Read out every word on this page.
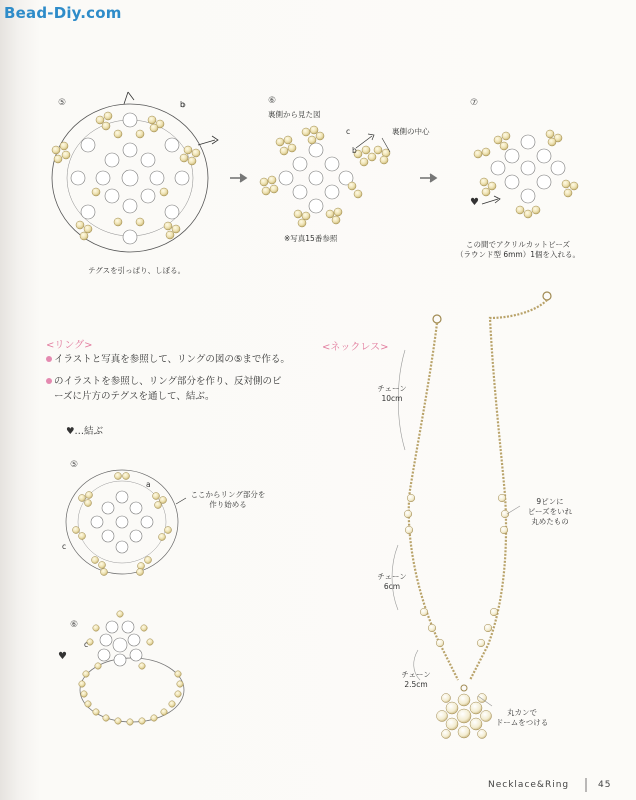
Bead-Diy.com
⑤	b
テグスを引っぱり、しぼる。
⑥
裏側から見た図
c
b
裏側の中心
※写真15番参照
⑦
♥
この間でアクリルカットビーズ
（ラウンド型 6mm）1個を入れる。
<リング>
イラストと写真を参照して、リングの図の⑤まで作る。
のイラストを参照し、リング部分を作り、反対側のビ
ーズに片方のテグスを通して、結ぶ。
♥…結ぶ
⑤
a
c
ここからリング部分を
作り始める
⑥
c
♥
<ネックレス>
チェーン
10cm
9ピンに
ビーズをいれ
丸めたもの
チェーン
6cm
チェーン
2.5cm
丸カンで
ドームをつける
Necklace&Ring	45
